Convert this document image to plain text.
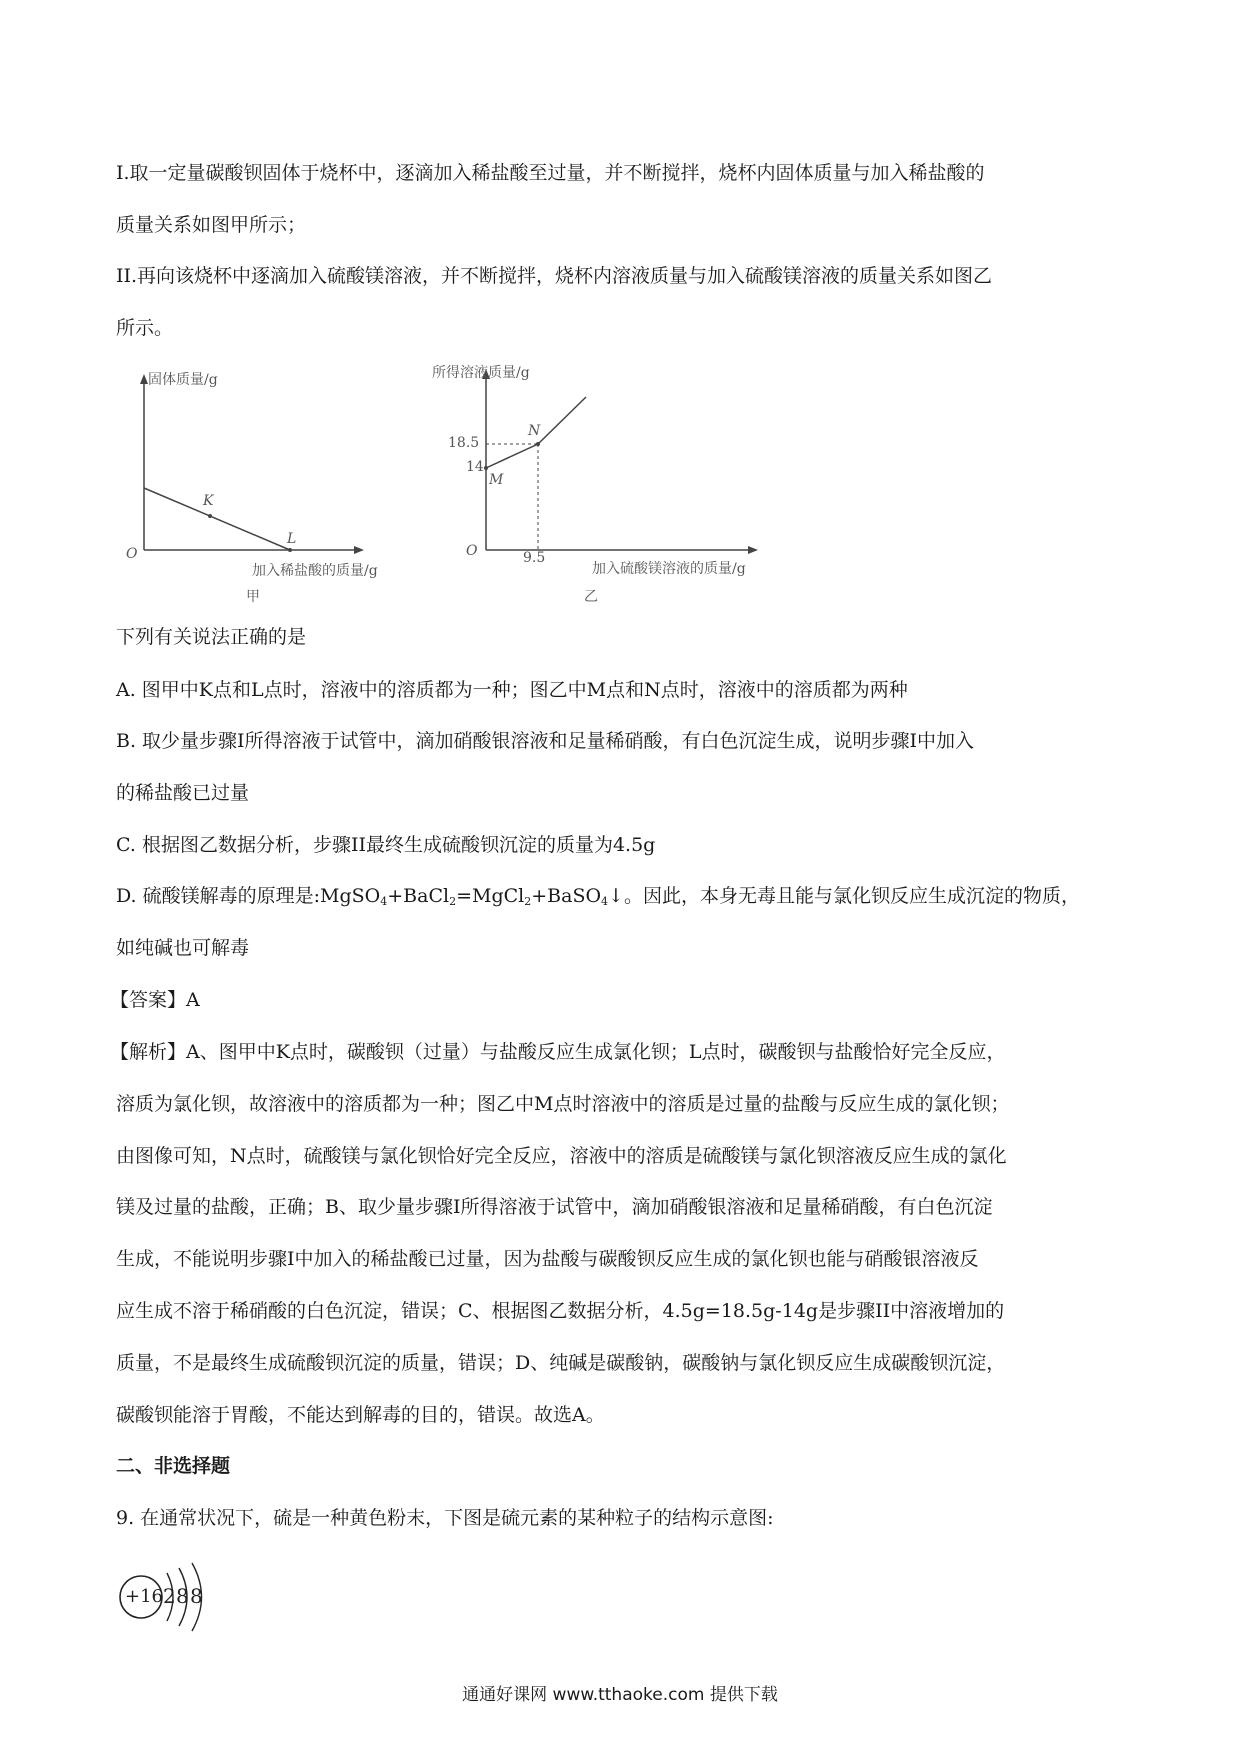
I.取一定量碳酸钡固体于烧杯中，逐滴加入稀盐酸至过量，并不断搅拌，烧杯内固体质量与加入稀盐酸的
质量关系如图甲所示；
II.再向该烧杯中逐滴加入硫酸镁溶液，并不断搅拌，烧杯内溶液质量与加入硫酸镁溶液的质量关系如图乙
所示。
固体质量/g
加入稀盐酸的质量/g
O
K
L
甲
所得溶液质量/g
加入硫酸镁溶液的质量/g
O
18.5
14
9.5
M
N
乙
下列有关说法正确的是
A. 图甲中K点和L点时，溶液中的溶质都为一种；图乙中M点和N点时，溶液中的溶质都为两种
B. 取少量步骤I所得溶液于试管中，滴加硝酸银溶液和足量稀硝酸，有白色沉淀生成，说明步骤I中加入
的稀盐酸已过量
C. 根据图乙数据分析，步骤II最终生成硫酸钡沉淀的质量为4.5g
D. 硫酸镁解毒的原理是:MgSO$_4$+BaCl$_2$=MgCl$_2$+BaSO$_4$↓。因此，本身无毒且能与氯化钡反应生成沉淀的物质，
如纯碱也可解毒
【答案】A
【解析】A、图甲中K点时，碳酸钡（过量）与盐酸反应生成氯化钡；L点时，碳酸钡与盐酸恰好完全反应，
溶质为氯化钡，故溶液中的溶质都为一种；图乙中M点时溶液中的溶质是过量的盐酸与反应生成的氯化钡；
由图像可知，N点时，硫酸镁与氯化钡恰好完全反应，溶液中的溶质是硫酸镁与氯化钡溶液反应生成的氯化
镁及过量的盐酸，正确；B、取少量步骤I所得溶液于试管中，滴加硝酸银溶液和足量稀硝酸，有白色沉淀
生成，不能说明步骤I中加入的稀盐酸已过量，因为盐酸与碳酸钡反应生成的氯化钡也能与硝酸银溶液反
应生成不溶于稀硝酸的白色沉淀，错误；C、根据图乙数据分析，4.5g=18.5g-14g是步骤II中溶液增加的
质量，不是最终生成硫酸钡沉淀的质量，错误；D、纯碱是碳酸钠，碳酸钠与氯化钡反应生成碳酸钡沉淀，
碳酸钡能溶于胃酸，不能达到解毒的目的，错误。故选A。
二、非选择题
9. 在通常状况下，硫是一种黄色粉末，下图是硫元素的某种粒子的结构示意图:
+16 2 8 8
通通好课网 www.tthaoke.com 提供下载
